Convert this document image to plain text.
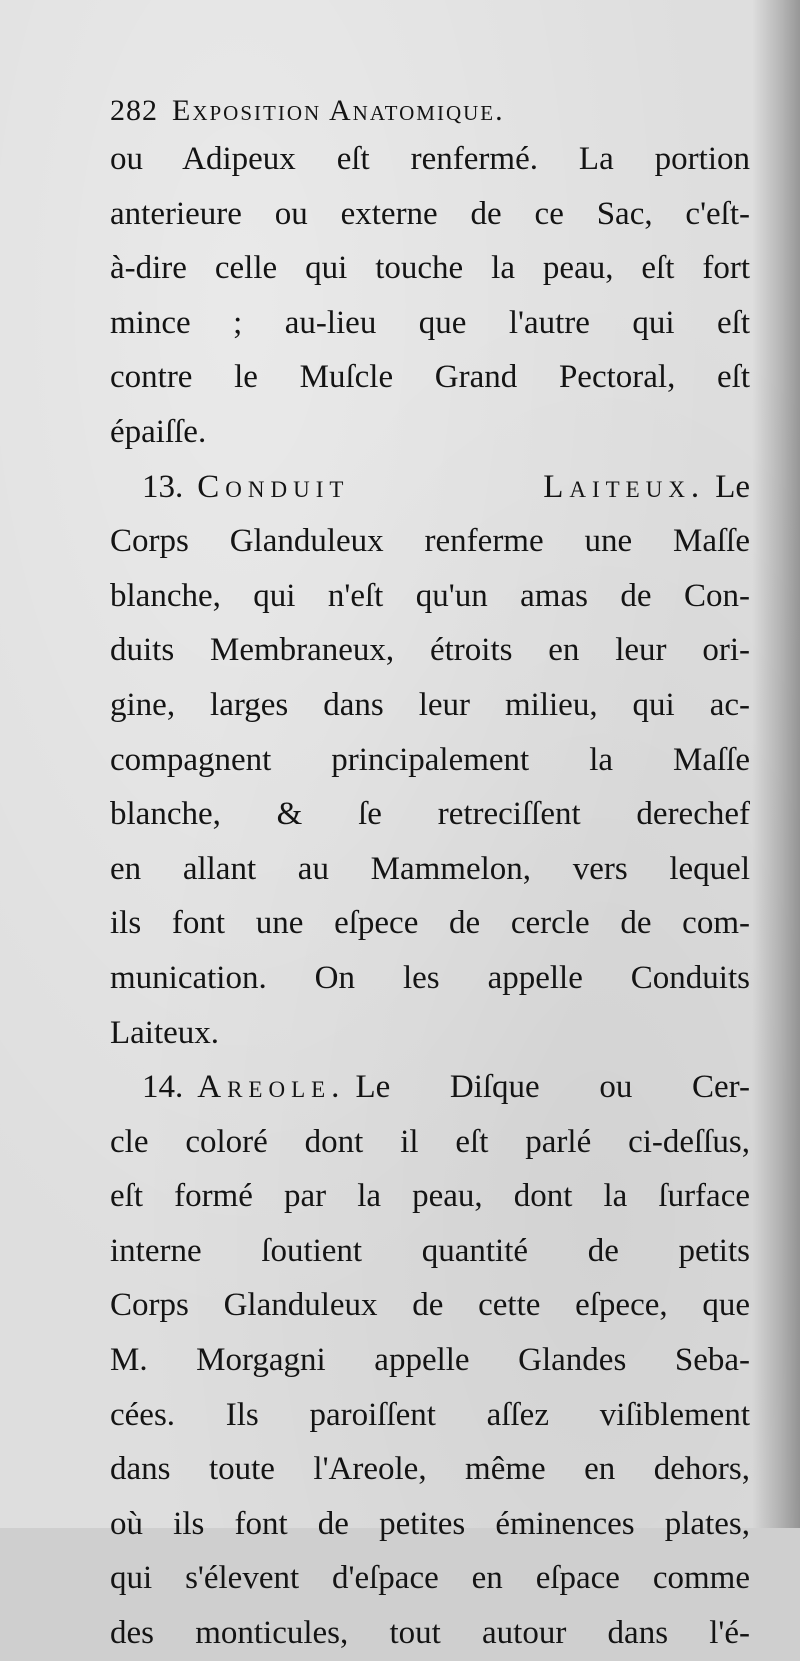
282 Exposition Anatomique.
ou Adipeux eſt renfermé. La portion
anterieure ou externe de ce Sac, c'eſt-
à-dire celle qui touche la peau, eſt fort
mince ; au-lieu que l'autre qui eſt
contre le Muſcle Grand Pectoral, eſt
épaiſſe.
13. Conduit Laiteux. Le
Corps Glanduleux renferme une Maſſe
blanche, qui n'eſt qu'un amas de Con-
duits Membraneux, étroits en leur ori-
gine, larges dans leur milieu, qui ac-
compagnent principalement la Maſſe
blanche, & ſe retreciſſent derechef
en allant au Mammelon, vers lequel
ils font une eſpece de cercle de com-
munication. On les appelle Conduits
Laiteux.
14. Areole. Le Diſque ou Cer-
cle coloré dont il eſt parlé ci-deſſus,
eſt formé par la peau, dont la ſurface
interne ſoutient quantité de petits
Corps Glanduleux de cette eſpece, que
M. Morgagni appelle Glandes Seba-
cées. Ils paroiſſent aſſez viſiblement
dans toute l'Areole, même en dehors,
où ils font de petites éminences plates,
qui s'élevent d'eſpace en eſpace comme
des monticules, tout autour dans l'é-
